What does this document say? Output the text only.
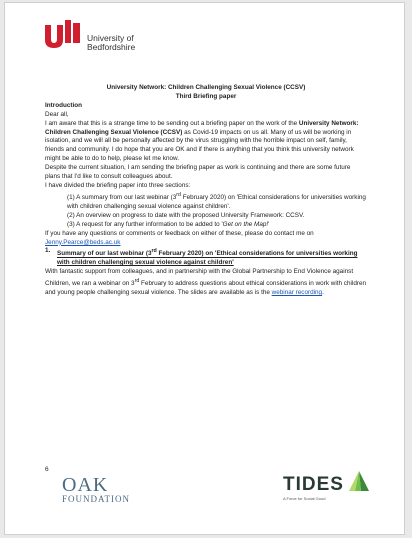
University of
Bedfordshire

University Network: Children Challenging Sexual Violence (CCSV)

Third Briefing paper

Introduction

Dear all,

I am aware that this is a strange time to be sending out a briefing paper on the work of the University Network: Children Challenging Sexual Violence (CCSV) as Covid-19 impacts on us all. Many of us will be working in isolation, and we will all be personally affected by the virus struggling with the horrible impact on self, family, friends and community. I do hope that you are OK and if there is anything that you think this university network might be able to do to help, please let me know.

Despite the current situation, I am sending the briefing paper as work is continuing and there are some future plans that I'd like to consult colleagues about.

I have divided the briefing paper into three sections:

(1) A summary from our last webinar (3rd February 2020) on 'Ethical considerations for universities working with children challenging sexual violence against children'.

(2) An overview on progress to date with the proposed University Framework: CCSV.

(3) A request for any further information to be added to 'Get on the Map!'

If you have any questions or comments or feedback on either of these, please do contact me on Jenny.Pearce@beds.ac.uk

1. Summary of our last webinar (3rd February 2020) on 'Ethical considerations for universities working with children challenging sexual violence against children'

With fantastic support from colleagues, and in partnership with the Global Partnership to End Violence against Children, we ran a webinar on 3rd February to address questions about ethical considerations in work with children and young people challenging sexual violence. The slides are available as is the webinar recording.

6
OAK
FOUNDATION
TIDES
A Force for Social Good
